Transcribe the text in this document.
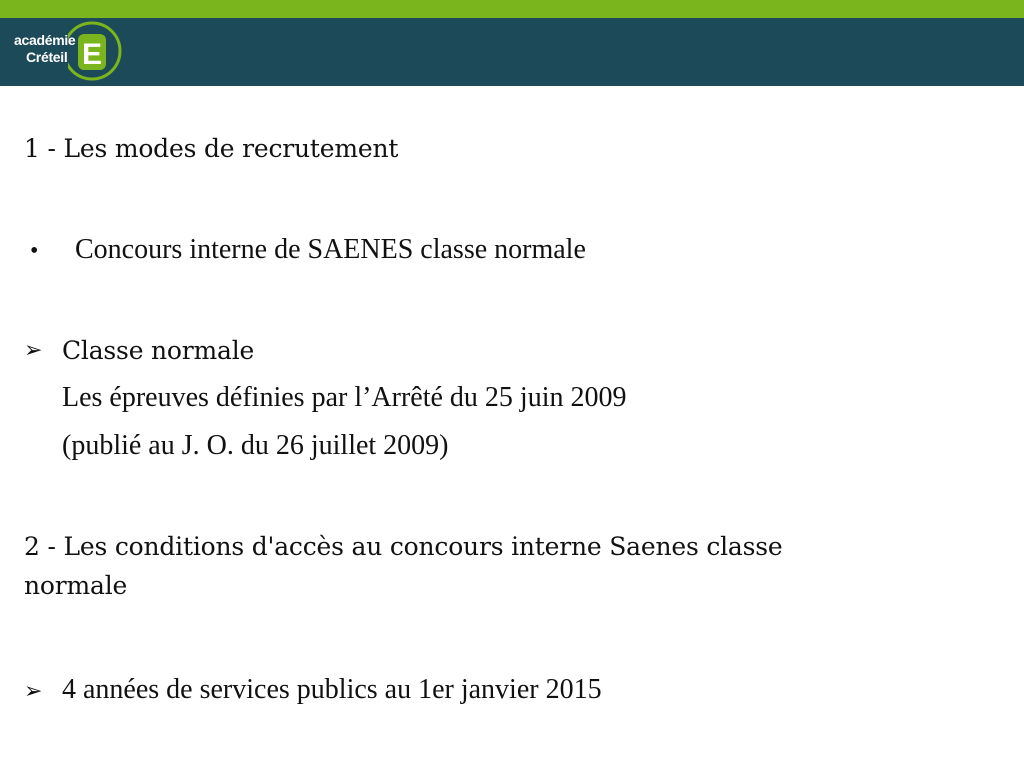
académie
Créteil E
1 - Les modes de recrutement
• Concours interne de SAENES classe normale
➢ Classe normale
Les épreuves définies par l’Arrêté du 25 juin 2009
(publié au J. O. du 26 juillet 2009)
2 - Les conditions d'accès au concours interne Saenes classe
normale
➢ 4 années de services publics au 1er janvier 2015
